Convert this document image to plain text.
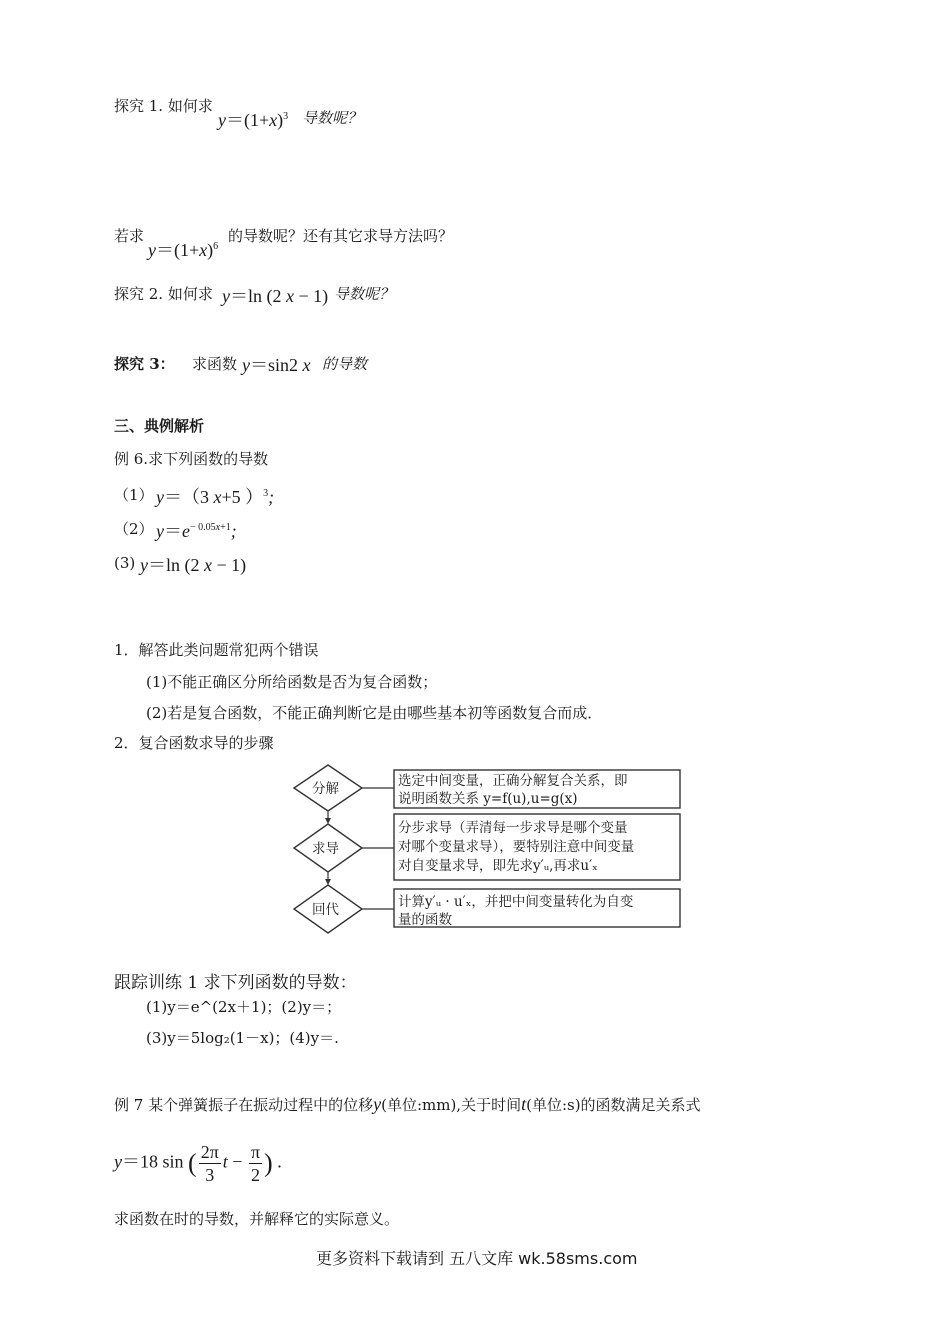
探究 1. 如何求
$y=(1+x)^3$ 导数呢？
若求
$y=(1+x)^6$
的导数呢？还有其它求导方法吗？
探究 2. 如何求 y＝ln (2 x − 1) 导数呢？
探究 3： 求函数 y＝sin2 x 的导数
三、典例解析
例 6.求下列函数的导数
（1） y＝（3 x+5 ）$^3$;
（2） $y=e^{- 0.05x+1}$;
(3) y＝ln (2 x − 1)
1．解答此类问题常犯两个错误
(1)不能正确区分所给函数是否为复合函数；
(2)若是复合函数，不能正确判断它是由哪些基本初等函数复合而成．
2．复合函数求导的步骤
分解
求导
回代
选定中间变量，正确分解复合关系，即
说明函数关系 y=f(u),u=g(x)
分步求导（弄清每一步求导是哪个变量
对哪个变量求导），要特别注意中间变量
对自变量求导，即先求y′ᵤ,再求u′ₓ
计算y′ᵤ · u′ₓ，并把中间变量转化为自变
量的函数
跟踪训练 1 求下列函数的导数：
(1)y＝e^(2x＋1)；(2)y＝；
(3)y＝5log₂(1－x)；(4)y＝.
例 7 某个弹簧振子在振动过程中的位移y(单位:mm),关于时间t(单位:s)的函数满足关系式
y＝18 sin ( $\frac{2\pi}{3}$ $t - \frac{\pi}{2}$ ) .
求函数在时的导数，并解释它的实际意义。
更多资料下载请到 五八文库 wk.58sms.com
